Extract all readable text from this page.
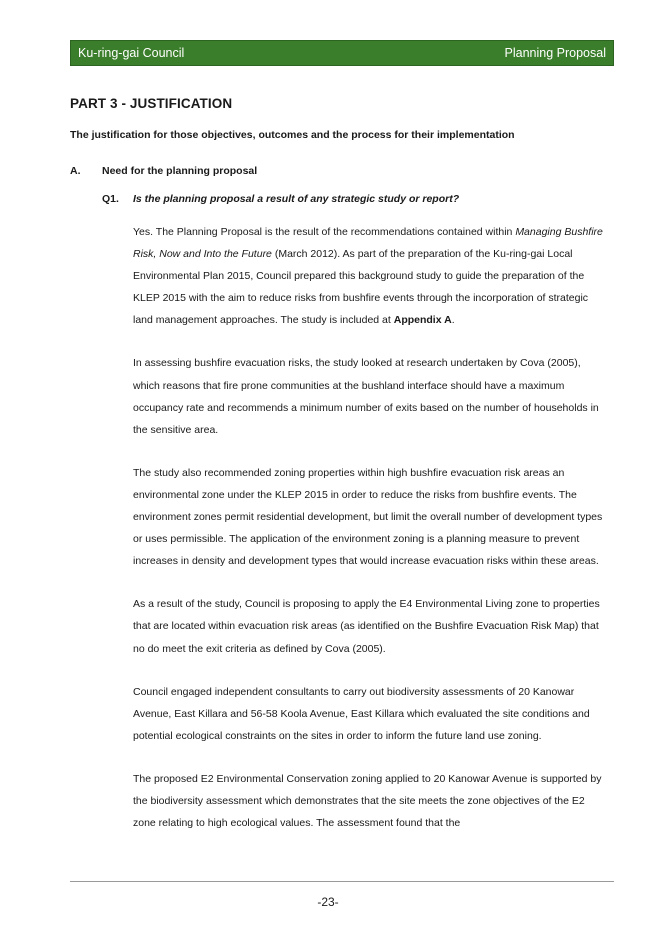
Ku-ring-gai Council	Planning Proposal
PART 3 - JUSTIFICATION

The justification for those objectives, outcomes and the process for their implementation

A.	Need for the planning proposal
Q1.	Is the planning proposal a result of any strategic study or report?

Yes. The Planning Proposal is the result of the recommendations contained within Managing Bushfire Risk, Now and Into the Future (March 2012). As part of the preparation of the Ku-ring-gai Local Environmental Plan 2015, Council prepared this background study to guide the preparation of the KLEP 2015 with the aim to reduce risks from bushfire events through the incorporation of strategic land management approaches. The study is included at Appendix A.

In assessing bushfire evacuation risks, the study looked at research undertaken by Cova (2005), which reasons that fire prone communities at the bushland interface should have a maximum occupancy rate and recommends a minimum number of exits based on the number of households in the sensitive area.

The study also recommended zoning properties within high bushfire evacuation risk areas an environmental zone under the KLEP 2015 in order to reduce the risks from bushfire events. The environment zones permit residential development, but limit the overall number of development types or uses permissible. The application of the environment zoning is a planning measure to prevent increases in density and development types that would increase evacuation risks within these areas.

As a result of the study, Council is proposing to apply the E4 Environmental Living zone to properties that are located within evacuation risk areas (as identified on the Bushfire Evacuation Risk Map) that no do meet the exit criteria as defined by Cova (2005).

Council engaged independent consultants to carry out biodiversity assessments of 20 Kanowar Avenue, East Killara and 56-58 Koola Avenue, East Killara which evaluated the site conditions and potential ecological constraints on the sites in order to inform the future land use zoning.

The proposed E2 Environmental Conservation zoning applied to 20 Kanowar Avenue is supported by the biodiversity assessment which demonstrates that the site meets the zone objectives of the E2 zone relating to high ecological values. The assessment found that the

-23-
